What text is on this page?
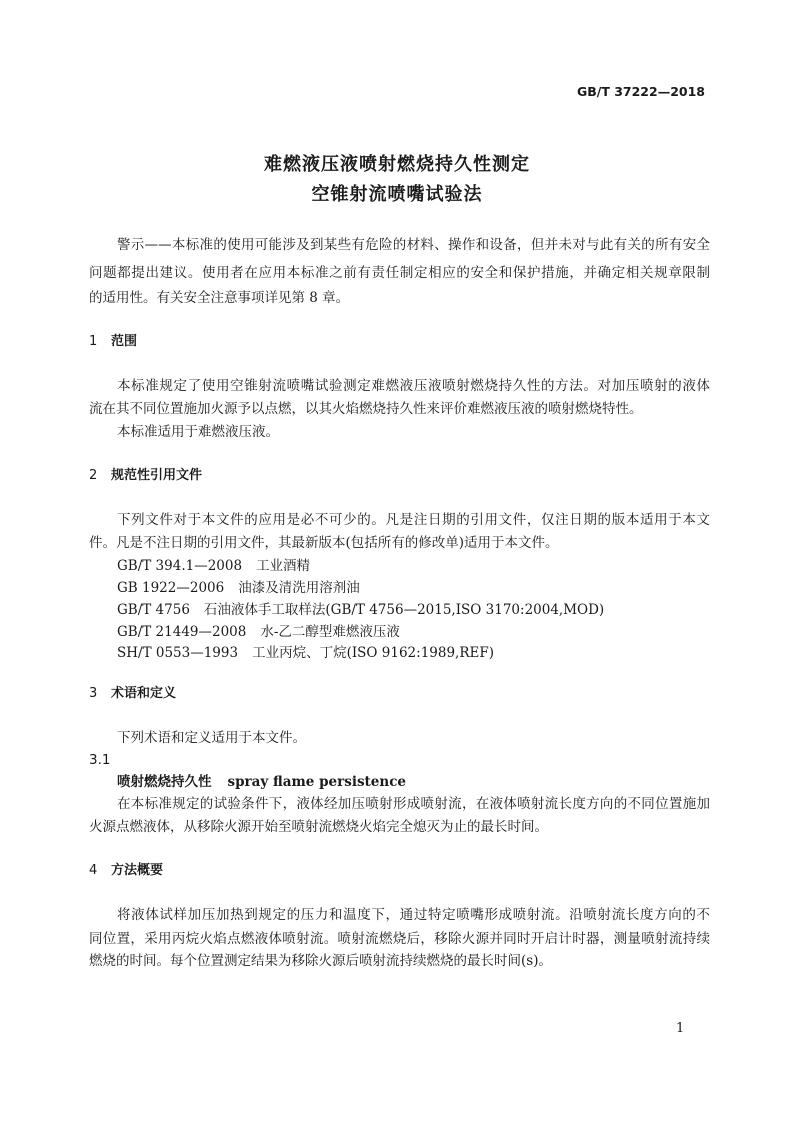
GB/T 37222—2018
难燃液压液喷射燃烧持久性测定
空锥射流喷嘴试验法
警示——本标准的使用可能涉及到某些有危险的材料、操作和设备，但并未对与此有关的所有安全
问题都提出建议。使用者在应用本标准之前有责任制定相应的安全和保护措施，并确定相关规章限制
的适用性。有关安全注意事项详见第 8 章。
1 范围
本标准规定了使用空锥射流喷嘴试验测定难燃液压液喷射燃烧持久性的方法。对加压喷射的液体
流在其不同位置施加火源予以点燃，以其火焰燃烧持久性来评价难燃液压液的喷射燃烧特性。
本标准适用于难燃液压液。
2 规范性引用文件
下列文件对于本文件的应用是必不可少的。凡是注日期的引用文件，仅注日期的版本适用于本文
件。凡是不注日期的引用文件，其最新版本(包括所有的修改单)适用于本文件。
GB/T 394.1—2008 工业酒精
GB 1922—2006 油漆及清洗用溶剂油
GB/T 4756 石油液体手工取样法(GB/T 4756—2015,ISO 3170:2004,MOD)
GB/T 21449—2008 水-乙二醇型难燃液压液
SH/T 0553—1993 工业丙烷、丁烷(ISO 9162:1989,REF)
3 术语和定义
下列术语和定义适用于本文件。
3.1
喷射燃烧持久性 spray flame persistence
在本标准规定的试验条件下，液体经加压喷射形成喷射流，在液体喷射流长度方向的不同位置施加
火源点燃液体，从移除火源开始至喷射流燃烧火焰完全熄灭为止的最长时间。
4 方法概要
将液体试样加压加热到规定的压力和温度下，通过特定喷嘴形成喷射流。沿喷射流长度方向的不
同位置，采用丙烷火焰点燃液体喷射流。喷射流燃烧后，移除火源并同时开启计时器，测量喷射流持续
燃烧的时间。每个位置测定结果为移除火源后喷射流持续燃烧的最长时间(s)。
1
